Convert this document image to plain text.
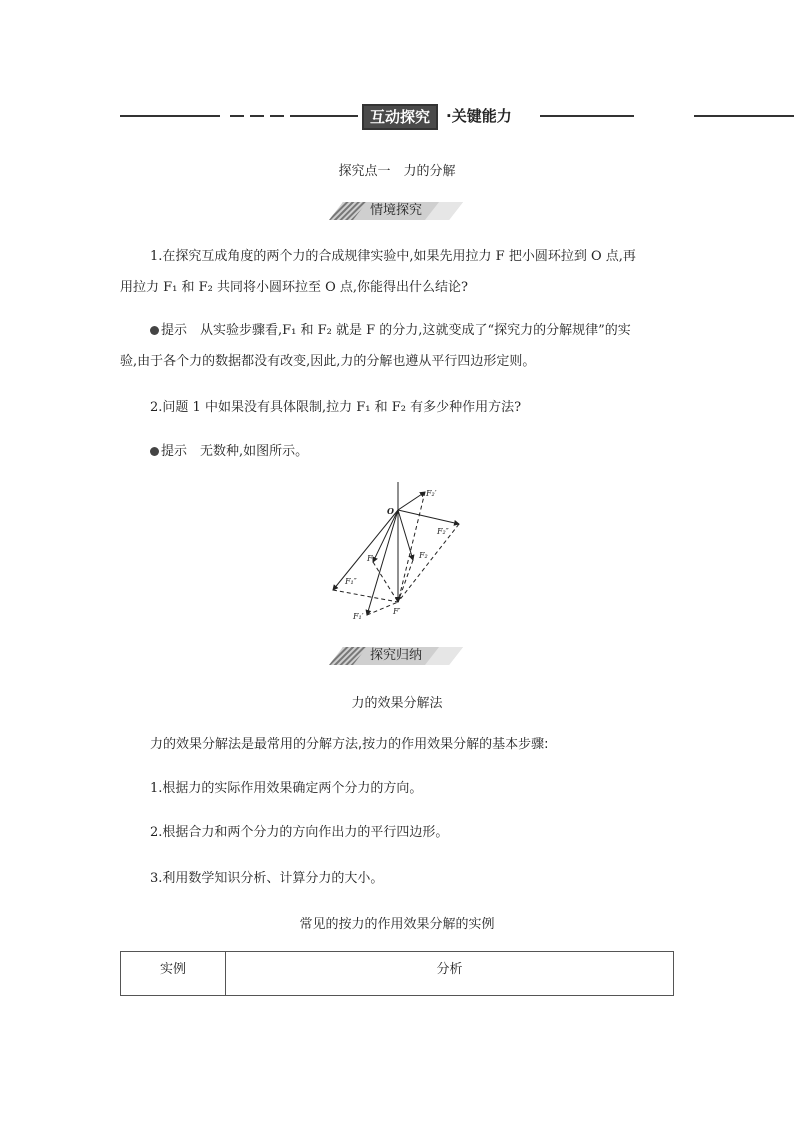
互动探究	·关键能力
探究点一　力的分解
情境探究
1.在探究互成角度的两个力的合成规律实验中,如果先用拉力 F 把小圆环拉到 O 点,再
用拉力 F₁ 和 F₂ 共同将小圆环拉至 O 点,你能得出什么结论?
提示　 从实验步骤看,F₁ 和 F₂ 就是 F 的分力,这就变成了“探究力的分解规律”的实
验,由于各个力的数据都没有改变,因此,力的分解也遵从平行四边形定则。
2.问题 1 中如果没有具体限制,拉力 F₁ 和 F₂ 有多少种作用方法?
提示　 无数种,如图所示。
O
F₁	F₂
F₂′
F₂″
F₁″
F₁′
F′
探究归纳
力的效果分解法
力的效果分解法是最常用的分解方法,按力的作用效果分解的基本步骤:
1.根据力的实际作用效果确定两个分力的方向。
2.根据合力和两个分力的方向作出力的平行四边形。
3.利用数学知识分析、计算分力的大小。
常见的按力的作用效果分解的实例
实例	分析
